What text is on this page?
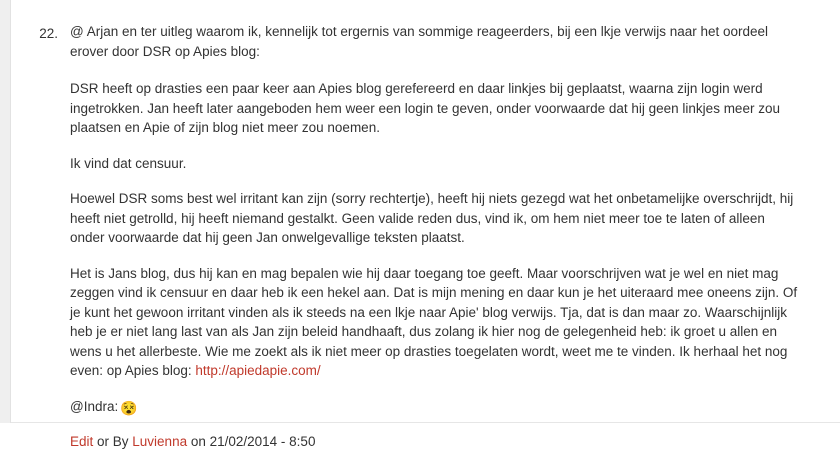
22. @ Arjan en ter uitleg waarom ik, kennelijk tot ergernis van sommige reageerders, bij een lkje verwijs naar het oordeel erover door DSR op Apies blog:

DSR heeft op drasties een paar keer aan Apies blog gerefereerd en daar linkjes bij geplaatst, waarna zijn login werd ingetrokken. Jan heeft later aangeboden hem weer een login te geven, onder voorwaarde dat hij geen linkjes meer zou plaatsen en Apie of zijn blog niet meer zou noemen.

Ik vind dat censuur.

Hoewel DSR soms best wel irritant kan zijn (sorry rechtertje), heeft hij niets gezegd wat het onbetamelijke overschrijdt, hij heeft niet getrolld, hij heeft niemand gestalkt. Geen valide reden dus, vind ik, om hem niet meer toe te laten of alleen onder voorwaarde dat hij geen Jan onwelgevallige teksten plaatst.

Het is Jans blog, dus hij kan en mag bepalen wie hij daar toegang toe geeft. Maar voorschrijven wat je wel en niet mag zeggen vind ik censuur en daar heb ik een hekel aan. Dat is mijn mening en daar kun je het uiteraard mee oneens zijn. Of je kunt het gewoon irritant vinden als ik steeds na een lkje naar Apie' blog verwijs. Tja, dat is dan maar zo. Waarschijnlijk heb je er niet lang last van als Jan zijn beleid handhaaft, dus zolang ik hier nog de gelegenheid heb: ik groet u allen en wens u het allerbeste. Wie me zoekt als ik niet meer op drasties toegelaten wordt, weet me te vinden. Ik herhaal het nog even: op Apies blog: http://apiedapie.com/

@Indra: 😵

Edit or By Luvienna on 21/02/2014 - 8:50
